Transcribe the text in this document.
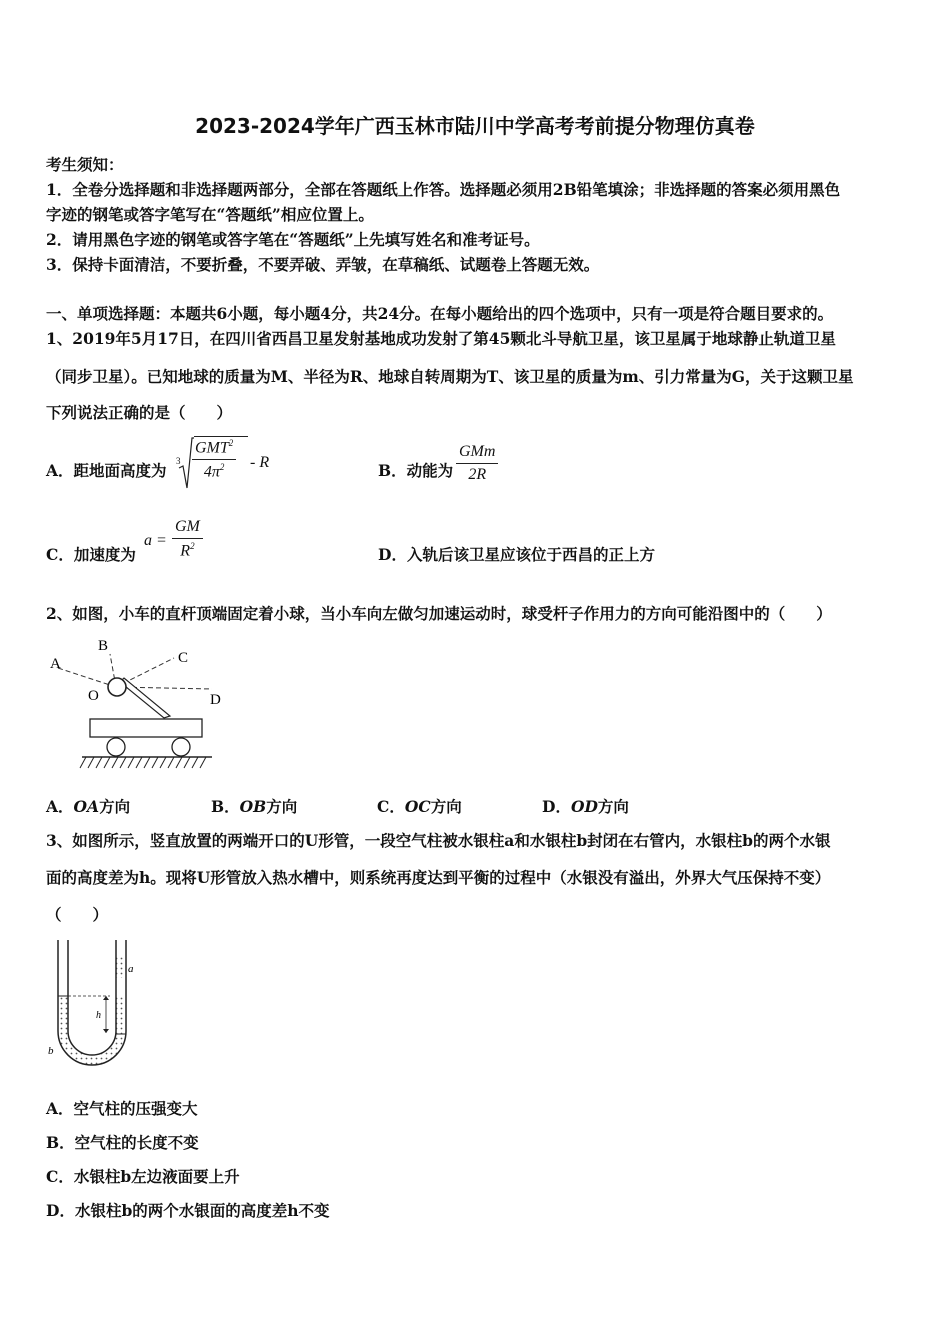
2023-2024学年广西玉林市陆川中学高考考前提分物理仿真卷
考生须知：
1．全卷分选择题和非选择题两部分，全部在答题纸上作答。选择题必须用2B铅笔填涂；非选择题的答案必须用黑色
字迹的钢笔或答字笔写在“答题纸”相应位置上。
2．请用黑色字迹的钢笔或答字笔在“答题纸”上先填写姓名和准考证号。
3．保持卡面清洁，不要折叠，不要弄破、弄皱，在草稿纸、试题卷上答题无效。
一、单项选择题：本题共6小题，每小题4分，共24分。在每小题给出的四个选项中，只有一项是符合题目要求的。
1、2019年5月17日，在四川省西昌卫星发射基地成功发射了第45颗北斗导航卫星，该卫星属于地球静止轨道卫星
（同步卫星）。已知地球的质量为M、半径为R、地球自转周期为T、该卫星的质量为m、引力常量为G，关于这颗卫星
下列说法正确的是（　　）
A．距地面高度为 3
GMT$^2$
$4\pi^2$ - R	B．动能为
GMm
2R
C．加速度为
$a = \frac{GM}{R^2}$	D．入轨后该卫星应该位于西昌的正上方
2、如图，小车的直杆顶端固定着小球，当小车向左做匀加速运动时，球受杆子作用力的方向可能沿图中的（　　）
A
B
C
D
O
A．OA方向	B．OB方向	C．OC方向	D．OD方向
3、如图所示，竖直放置的两端开口的U形管，一段空气柱被水银柱a和水银柱b封闭在右管内，水银柱b的两个水银
面的高度差为h。现将U形管放入热水槽中，则系统再度达到平衡的过程中（水银没有溢出，外界大气压保持不变）
（　　）
h
a
b
A．空气柱的压强变大
B．空气柱的长度不变
C．水银柱b左边液面要上升
D．水银柱b的两个水银面的高度差h不变
